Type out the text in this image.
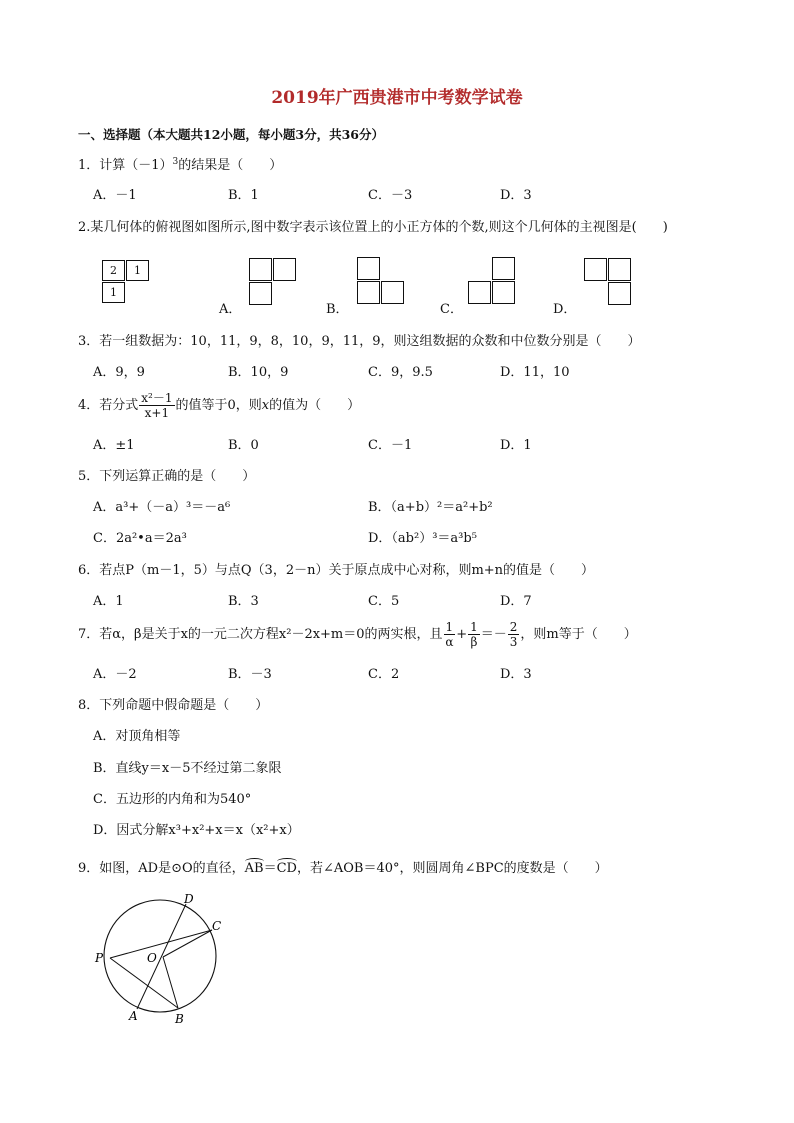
2019年广西贵港市中考数学试卷
一、选择题（本大题共12小题，每小题3分，共36分）
1．计算$(-1)^3$的结果是（　　）
A．－1	B．1	C．－3	D．3
2.某几何体的俯视图如图所示,图中数字表示该位置上的小正方体的个数,则这个几何体的主视图是(　　)
2	1
1
A．	B．	C．	D．
3．若一组数据为：10，11，9，8，10，9，11，9，则这组数据的众数和中位数分别是（　　）
A．9，9	B．10，9	C．9，9.5	D．11，10
4．若分式 $\frac{\text{x²－1}}{x+1}$ 的值等于0，则x的值为（　　）
A．±1	B．0	C．－1	D．1
5．下列运算正确的是（　　）
A．a³+（－a）³＝－a⁶	B．（a+b）²＝a²+b²
C．2a²•a＝2a³	D．（ab²）³＝a³b⁵
6．若点P（m－1，5）与点Q（3，2－n）关于原点成中心对称，则m+n的值是（　　）
A．1	B．3	C．5	D．7
7．若α，β是关于x的一元二次方程x²－2x+m＝0的两实根，且 $\frac{1}{\alpha} + \frac{1}{\beta} =- \frac{2}{3}$ ，则m等于（　　）
A．－2	B．－3	C．2	D．3
8．下列命题中假命题是（　　）
A．对顶角相等
B．直线y＝x－5不经过第二象限
C．五边形的内角和为540°
D．因式分解x³+x²+x＝x（x²+x）
9．如图，AD是⊙O的直径，AB＝CD，若∠AOB＝40°，则圆周角∠BPC的度数是（　　）
D
C
P	O
A	B
